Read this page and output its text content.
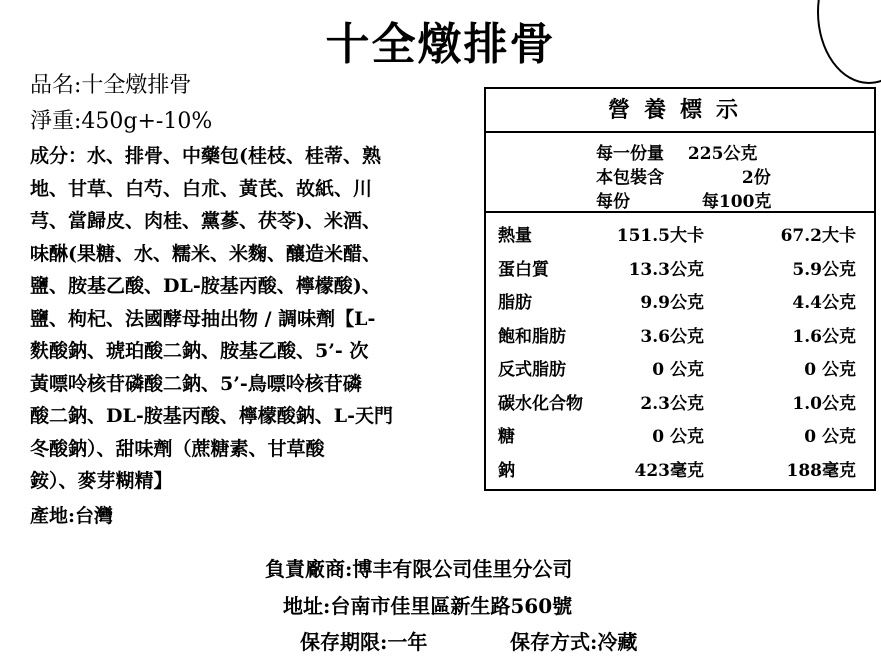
十全燉排骨
品名:十全燉排骨
淨重:450g+-10%
成分：水、排骨、中藥包(桂枝、桂蒂、熟
地、甘草、白芍、白朮、黃芪、故紙、川
芎、當歸皮、肉桂、黨蔘、茯苓)、米酒、
味醂(果糖、水、糯米、米麴、釀造米醋、
鹽、胺基乙酸、DL-胺基丙酸、檸檬酸)、
鹽、枸杞、法國酵母抽出物 / 調味劑【L-
麩酸鈉、琥珀酸二鈉、胺基乙酸、5’- 次
黃嘌呤核苷磷酸二鈉、5’-鳥嘌呤核苷磷
酸二鈉、DL-胺基丙酸、檸檬酸鈉、L-天門
冬酸鈉）、甜味劑（蔗糖素、甘草酸
銨）、麥芽糊精】
產地:台灣
營養標示
每一份量 225公克
本包裝含	2份
每份	每100克
熱量	151.5大卡	67.2大卡
蛋白質	13.3公克	5.9公克
脂肪	9.9公克	4.4公克
飽和脂肪	3.6公克	1.6公克
反式脂肪	0 公克	0 公克
碳水化合物	2.3公克	1.0公克
糖	0 公克	0 公克
鈉	423毫克	188毫克
負責廠商:博丰有限公司佳里分公司
地址:台南市佳里區新生路560號
保存期限:一年	保存方式:冷藏
